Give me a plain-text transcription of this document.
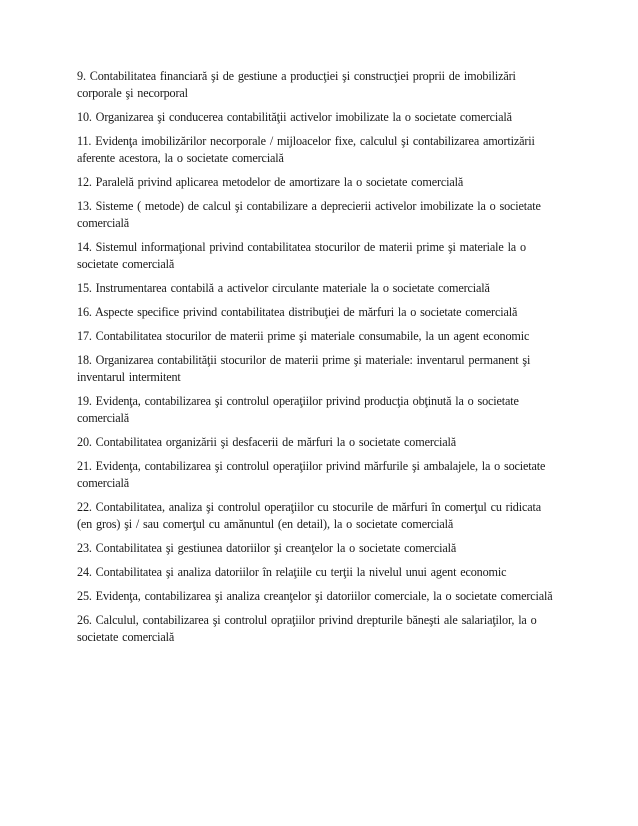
9. Contabilitatea financiară şi de gestiune a producţiei şi construcţiei proprii de imobilizări corporale şi necorporal

10. Organizarea şi conducerea contabilităţii activelor imobilizate la o societate comercială

11. Evidenţa imobilizărilor necorporale / mijloacelor fixe, calculul şi contabilizarea amortizării aferente acestora, la o societate comercială

12. Paralelă privind aplicarea metodelor de amortizare la o societate comercială

13. Sisteme ( metode) de calcul şi contabilizare a deprecierii activelor imobilizate la o societate comercială

14. Sistemul informaţional privind contabilitatea stocurilor de materii prime şi materiale la o societate comercială

15. Instrumentarea contabilă a activelor circulante materiale la o societate comercială

16. Aspecte specifice privind contabilitatea distribuţiei de mărfuri la o societate comercială

17. Contabilitatea stocurilor de materii prime şi materiale consumabile, la un agent economic

18. Organizarea contabilităţii stocurilor de materii prime şi materiale: inventarul permanent şi inventarul intermitent

19. Evidenţa, contabilizarea şi controlul operaţiilor privind producţia obţinută la o societate comercială

20. Contabilitatea organizării şi desfacerii de mărfuri la o societate comercială

21. Evidenţa, contabilizarea şi controlul operaţiilor privind mărfurile şi ambalajele, la o societate comercială

22. Contabilitatea, analiza şi controlul operaţiilor cu stocurile de mărfuri în comerţul cu ridicata (en gros) şi / sau comerţul cu amănuntul (en detail), la o societate comercială

23. Contabilitatea şi gestiunea datoriilor şi creanţelor la o societate comercială

24. Contabilitatea şi analiza datoriilor în relaţiile cu terţii la nivelul unui agent economic

25. Evidenţa, contabilizarea şi analiza creanţelor şi datoriilor comerciale, la o societate comercială

26. Calculul, contabilizarea şi controlul opraţiilor privind drepturile băneşti ale salariaţilor, la o societate comercială
